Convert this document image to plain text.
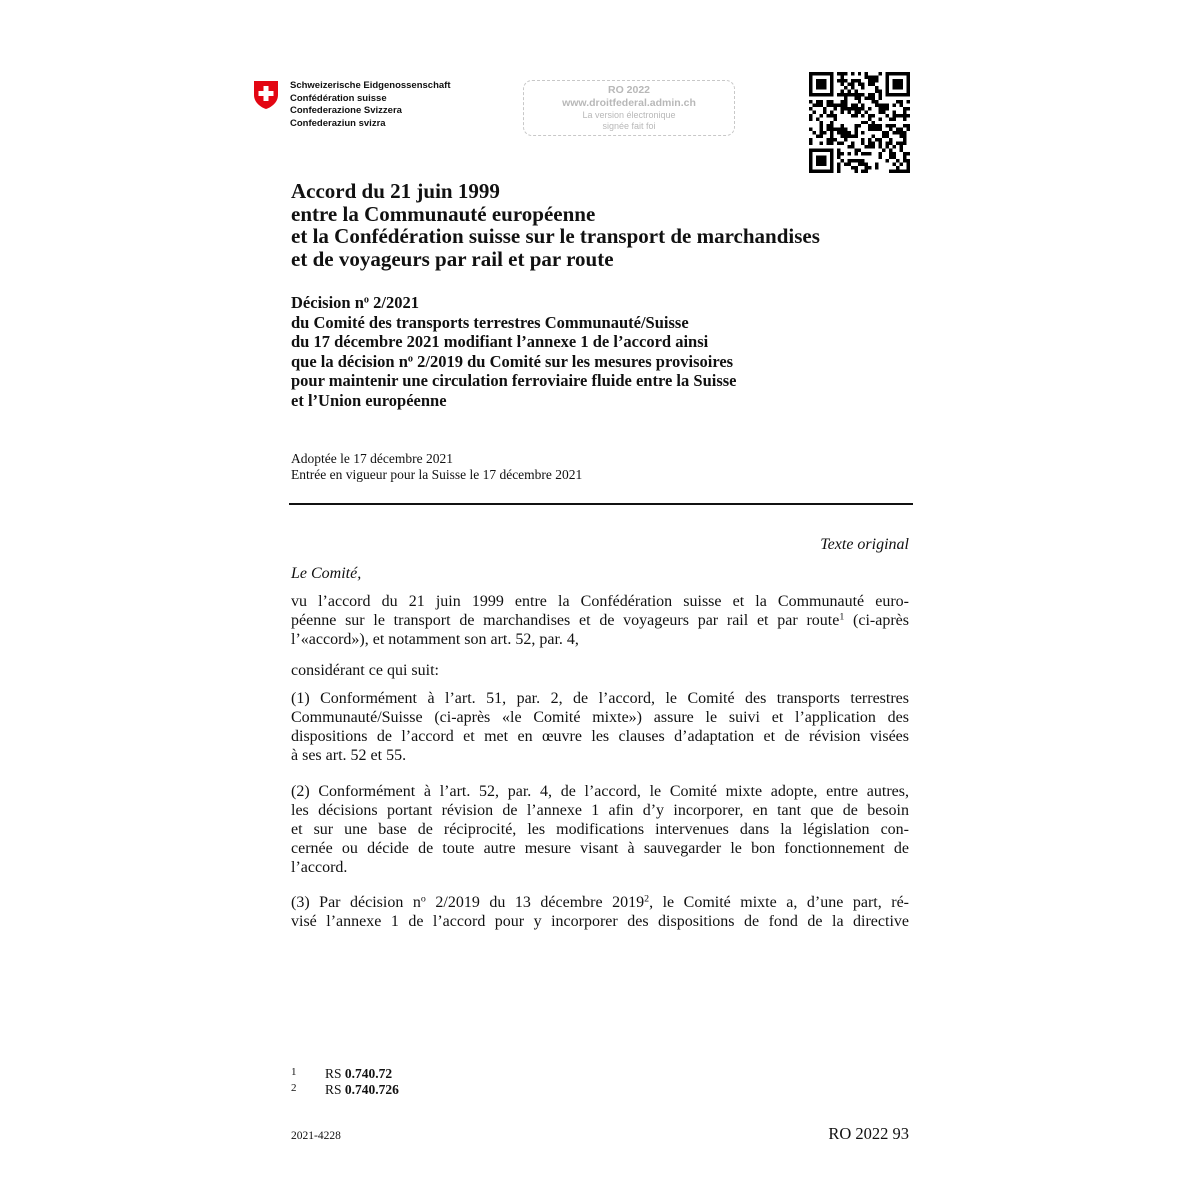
Schweizerische Eidgenossenschaft
Confédération suisse
Confederazione Svizzera
Confederaziun svizra
RO 2022
www.droitfederal.admin.ch
La version électronique
signée fait foi
Accord du 21 juin 1999
entre la Communauté européenne
et la Confédération suisse sur le transport de marchandises
et de voyageurs par rail et par route
Décision $n^o$ 2/2021
du Comité des transports terrestres Communauté/Suisse
du 17 décembre 2021 modifiant l’annexe 1 de l’accord ainsi
que la décision $n^o$ 2/2019 du Comité sur les mesures provisoires
pour maintenir une circulation ferroviaire fluide entre la Suisse
et l’Union européenne
Adoptée le 17 décembre 2021
Entrée en vigueur pour la Suisse le 17 décembre 2021
Texte original
Le Comité,
vu l’accord du 21 juin 1999 entre la Confédération suisse et la Communauté euro-
péenne sur le transport de marchandises et de voyageurs par rail et par route$^1$ (ci-après
l’«accord»), et notamment son art. 52, par. 4,
considérant ce qui suit:
(1) Conformément à l’art. 51, par. 2, de l’accord, le Comité des transports terrestres
Communauté/Suisse (ci-après «le Comité mixte») assure le suivi et l’application des
dispositions de l’accord et met en œuvre les clauses d’adaptation et de révision visées
à ses art. 52 et 55.
(2) Conformément à l’art. 52, par. 4, de l’accord, le Comité mixte adopte, entre autres,
les décisions portant révision de l’annexe 1 afin d’y incorporer, en tant que de besoin
et sur une base de réciprocité, les modifications intervenues dans la législation con-
cernée ou décide de toute autre mesure visant à sauvegarder le bon fonctionnement de
l’accord.
(3) Par décision n$^o$ 2/2019 du 13 décembre 2019$^2$, le Comité mixte a, d’une part, ré-
visé l’annexe 1 de l’accord pour y incorporer des dispositions de fond de la directive
1 RS 0.740.72
2 RS 0.740.726
2021-4228	RO 2022 93
